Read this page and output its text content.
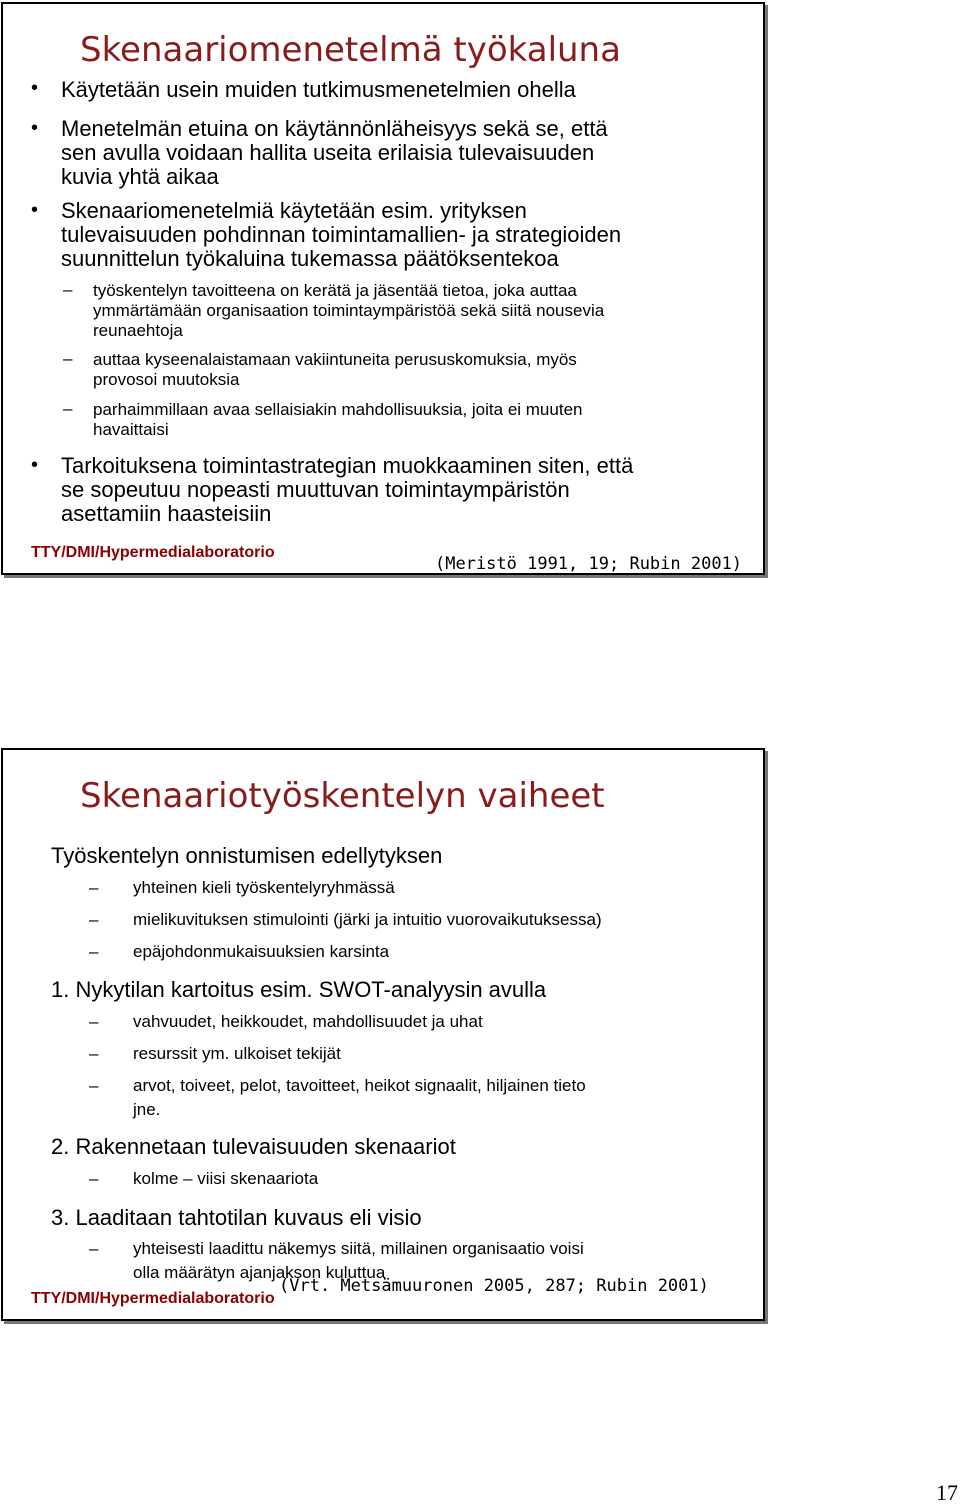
Skenaariomenetelmä työkaluna
• Käytetään usein muiden tutkimusmenetelmien ohella
• Menetelmän etuina on käytännönläheisyys sekä se, että
sen avulla voidaan hallita useita erilaisia tulevaisuuden
kuvia yhtä aikaa
• Skenaariomenetelmiä käytetään esim. yrityksen
tulevaisuuden pohdinnan toimintamallien- ja strategioiden
suunnittelun työkaluina tukemassa päätöksentekoa
– työskentelyn tavoitteena on kerätä ja jäsentää tietoa, joka auttaa
ymmärtämään organisaation toimintaympäristöä sekä siitä nousevia
reunaehtoja
– auttaa kyseenalaistamaan vakiintuneita perususkomuksia, myös
provosoi muutoksia
– parhaimmillaan avaa sellaisiakin mahdollisuuksia, joita ei muuten
havaittaisi
• Tarkoituksena toimintastrategian muokkaaminen siten, että
se sopeutuu nopeasti muuttuvan toimintaympäristön
asettamiin haasteisiin
TTY/DMI/Hypermedialaboratorio
(Meristö 1991, 19; Rubin 2001)
Skenaariotyöskentelyn vaiheet
Työskentelyn onnistumisen edellytyksen
– yhteinen kieli työskentelyryhmässä
– mielikuvituksen stimulointi (järki ja intuitio vuorovaikutuksessa)
– epäjohdonmukaisuuksien karsinta
1. Nykytilan kartoitus esim. SWOT-analyysin avulla
– vahvuudet, heikkoudet, mahdollisuudet ja uhat
– resurssit ym. ulkoiset tekijät
– arvot, toiveet, pelot, tavoitteet, heikot signaalit, hiljainen tieto
jne.
2. Rakennetaan tulevaisuuden skenaariot
– kolme – viisi skenaariota
3. Laaditaan tahtotilan kuvaus eli visio
– yhteisesti laadittu näkemys siitä, millainen organisaatio voisi
olla määrätyn ajanjakson kuluttua
TTY/DMI/Hypermedialaboratorio
(Vrt. Metsämuuronen 2005, 287; Rubin 2001)
17
